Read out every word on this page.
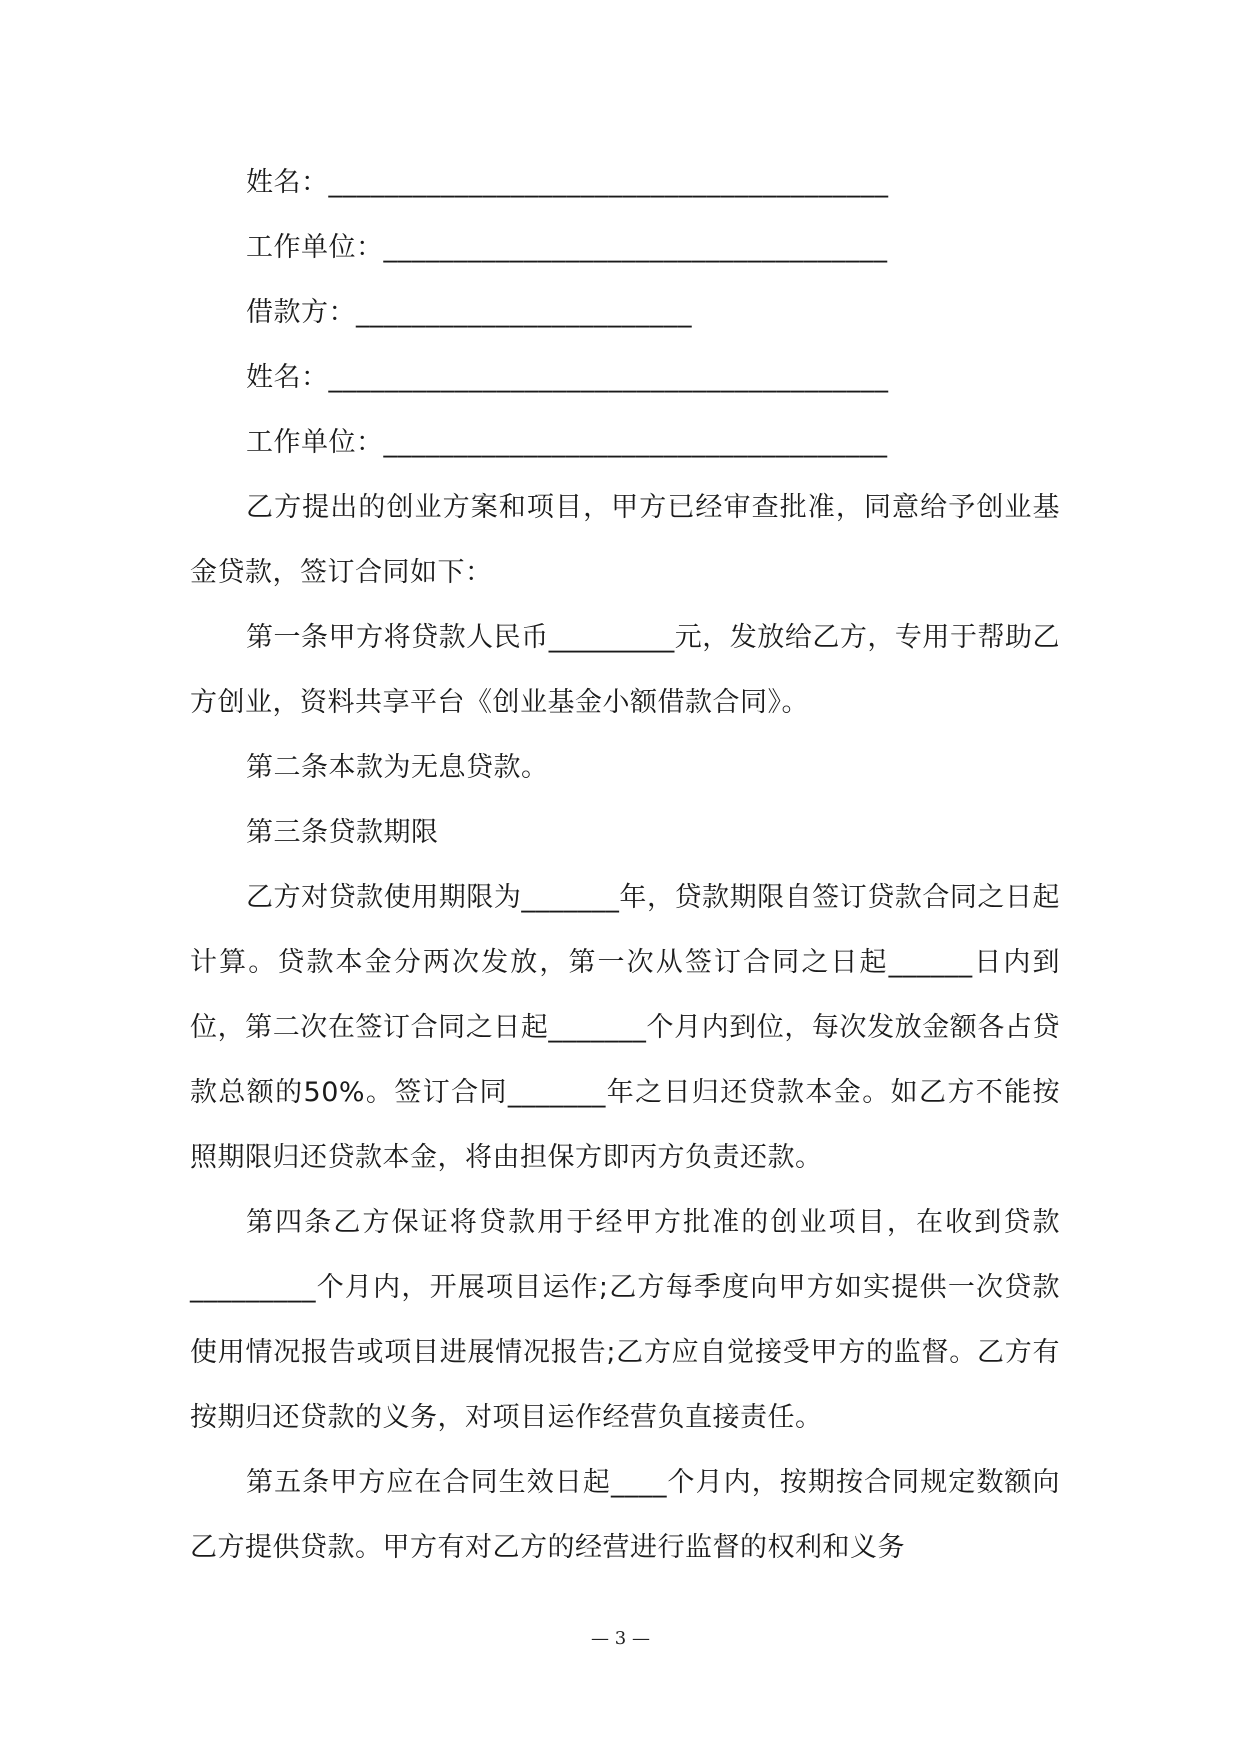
姓名：________________________________________
工作单位：____________________________________
借款方：________________________
姓名：________________________________________
工作单位：____________________________________
乙方提出的创业方案和项目，甲方已经审查批准，同意给予创业基金贷款，签订合同如下：
第一条甲方将贷款人民币_________元，发放给乙方，专用于帮助乙方创业，资料共享平台《创业基金小额借款合同》。
第二条本款为无息贷款。
第三条贷款期限
乙方对贷款使用期限为_______年，贷款期限自签订贷款合同之日起计算。贷款本金分两次发放，第一次从签订合同之日起______日内到位，第二次在签订合同之日起_______个月内到位，每次发放金额各占贷款总额的50%。签订合同_______年之日归还贷款本金。如乙方不能按照期限归还贷款本金，将由担保方即丙方负责还款。
第四条乙方保证将贷款用于经甲方批准的创业项目，在收到贷款_________个月内，开展项目运作;乙方每季度向甲方如实提供一次贷款使用情况报告或项目进展情况报告;乙方应自觉接受甲方的监督。乙方有按期归还贷款的义务，对项目运作经营负直接责任。
第五条甲方应在合同生效日起____个月内，按期按合同规定数额向乙方提供贷款。甲方有对乙方的经营进行监督的权利和义务
— 3 —
